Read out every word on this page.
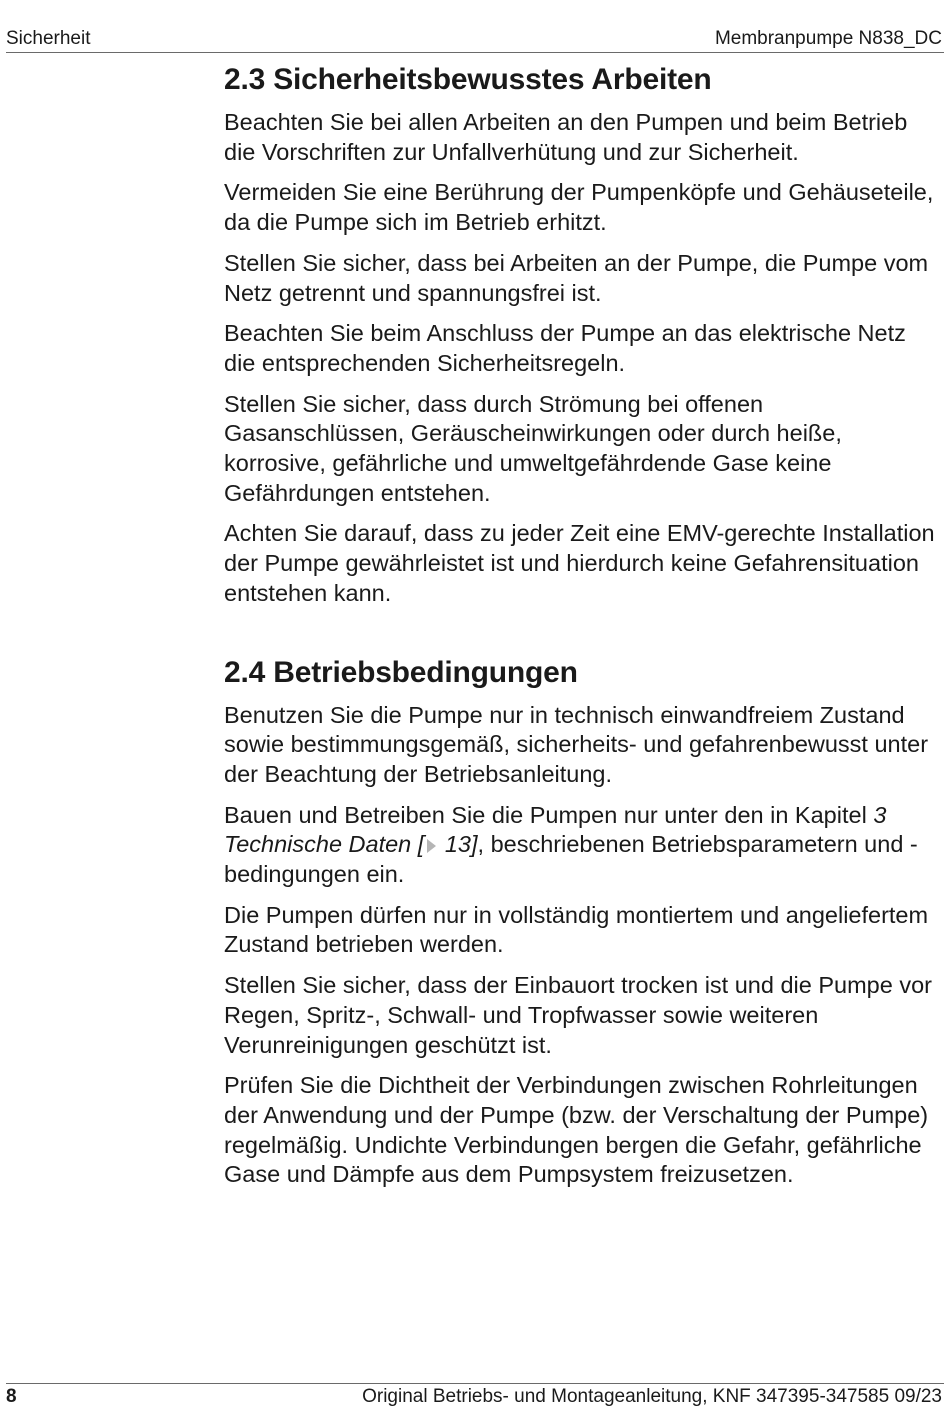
Sicherheit	Membranpumpe N838_DC
2.3 Sicherheitsbewusstes Arbeiten

Beachten Sie bei allen Arbeiten an den Pumpen und beim Betrieb die Vorschriften zur Unfallverhütung und zur Sicherheit.

Vermeiden Sie eine Berührung der Pumpenköpfe und Gehäuseteile, da die Pumpe sich im Betrieb erhitzt.

Stellen Sie sicher, dass bei Arbeiten an der Pumpe, die Pumpe vom Netz getrennt und spannungsfrei ist.

Beachten Sie beim Anschluss der Pumpe an das elektrische Netz die entsprechenden Sicherheitsregeln.

Stellen Sie sicher, dass durch Strömung bei offenen Gasanschlüssen, Geräuscheinwirkungen oder durch heiße, korrosive, gefährliche und umweltgefährdende Gase keine Gefährdungen entstehen.

Achten Sie darauf, dass zu jeder Zeit eine EMV-gerechte Installation der Pumpe gewährleistet ist und hierdurch keine Gefahrensituation entstehen kann.

2.4 Betriebsbedingungen

Benutzen Sie die Pumpe nur in technisch einwandfreiem Zustand sowie bestimmungsgemäß, sicherheits- und gefahrenbewusst unter der Beachtung der Betriebsanleitung.

Bauen und Betreiben Sie die Pumpen nur unter den in Kapitel 3 Technische Daten [ 13], beschriebenen Betriebsparametern und -bedingungen ein.

Die Pumpen dürfen nur in vollständig montiertem und angeliefertem Zustand betrieben werden.

Stellen Sie sicher, dass der Einbauort trocken ist und die Pumpe vor Regen, Spritz-, Schwall- und Tropfwasser sowie weiteren Verunreinigungen geschützt ist.

Prüfen Sie die Dichtheit der Verbindungen zwischen Rohrleitungen der Anwendung und der Pumpe (bzw. der Verschaltung der Pumpe) regelmäßig. Undichte Verbindungen bergen die Gefahr, gefährliche Gase und Dämpfe aus dem Pumpsystem freizusetzen.

8	Original Betriebs- und Montageanleitung, KNF 347395-347585 09/23
